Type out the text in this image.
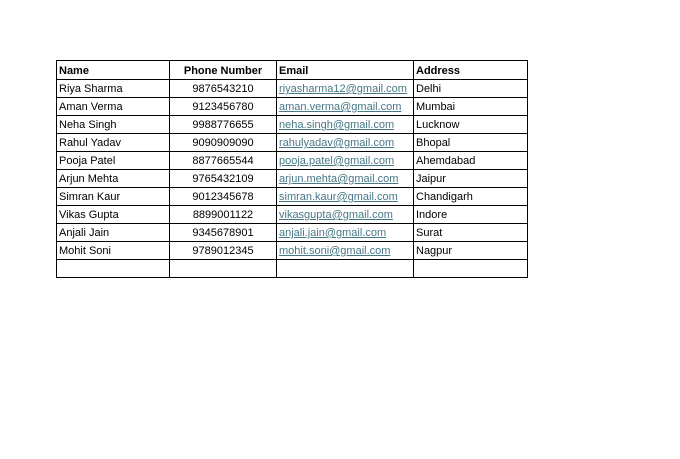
Name	Phone Number	Email	Address
Riya Sharma	9876543210	riyasharma12@gmail.com	Delhi
Aman Verma	9123456780	aman.verma@gmail.com	Mumbai
Neha Singh	9988776655	neha.singh@gmail.com	Lucknow
Rahul Yadav	9090909090	rahulyadav@gmail.com	Bhopal
Pooja Patel	8877665544	pooja.patel@gmail.com	Ahemdabad
Arjun Mehta	9765432109	arjun.mehta@gmail.com	Jaipur
Simran Kaur	9012345678	simran.kaur@gmail.com	Chandigarh
Vikas Gupta	8899001122	vikasgupta@gmail.com	Indore
Anjali Jain	9345678901	anjali.jain@gmail.com	Surat
Mohit Soni	9789012345	mohit.soni@gmail.com	Nagpur
